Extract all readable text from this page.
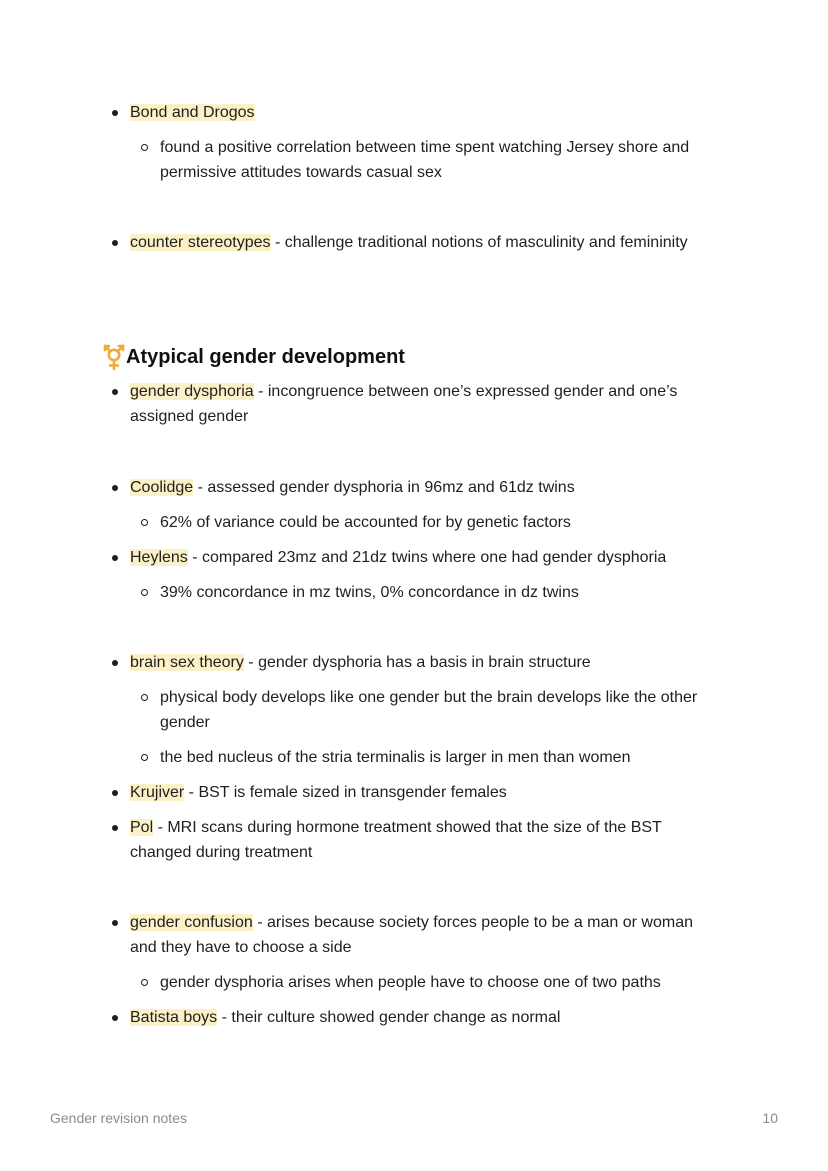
Bond and Drogos
found a positive correlation between time spent watching Jersey shore and
permissive attitudes towards casual sex
counter stereotypes - challenge traditional notions of masculinity and femininity
Atypical gender development
gender dysphoria - incongruence between one’s expressed gender and one’s
assigned gender
Coolidge - assessed gender dysphoria in 96mz and 61dz twins
62% of variance could be accounted for by genetic factors
Heylens - compared 23mz and 21dz twins where one had gender dysphoria
39% concordance in mz twins, 0% concordance in dz twins
brain sex theory - gender dysphoria has a basis in brain structure
physical body develops like one gender but the brain develops like the other
gender
the bed nucleus of the stria terminalis is larger in men than women
Krujiver - BST is female sized in transgender females
Pol - MRI scans during hormone treatment showed that the size of the BST
changed during treatment
gender confusion - arises because society forces people to be a man or woman
and they have to choose a side
gender dysphoria arises when people have to choose one of two paths
Batista boys - their culture showed gender change as normal
Gender revision notes	10
